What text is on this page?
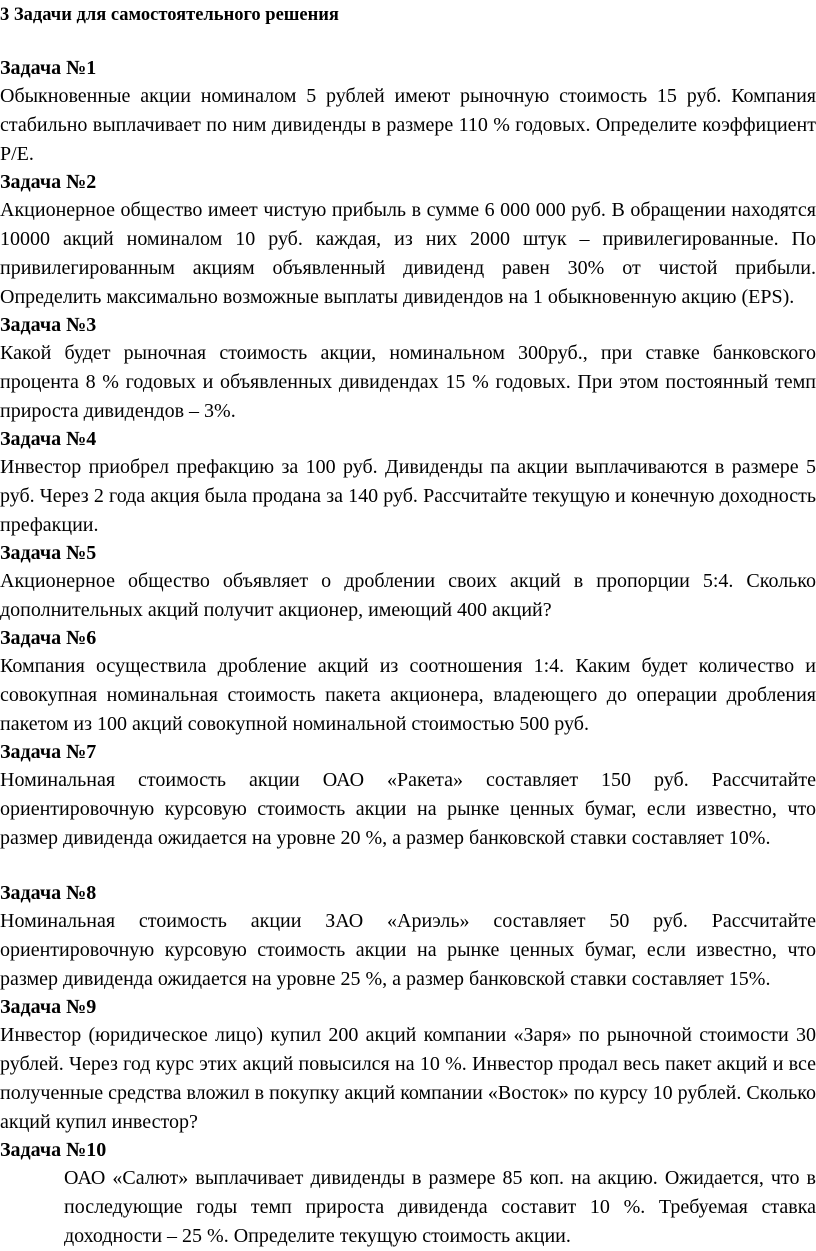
3 Задачи для самостоятельного решения

Задача №1

Обыкновенные акции номиналом 5 рублей имеют рыночную стоимость 15 руб. Компания стабильно выплачивает по ним дивиденды в размере 110 % годовых. Определите коэффициент Р/Е.

Задача №2

Акционерное общество имеет чистую прибыль в сумме 6 000 000 руб. В обращении находятся 10000 акций номиналом 10 руб. каждая, из них 2000 штук – привилегированные. По привилегированным акциям объявленный дивиденд равен 30% от чистой прибыли. Определить максимально возможные выплаты дивидендов на 1 обыкновенную акцию (EPS).

Задача №3

Какой будет рыночная стоимость акции, номинальном 300руб., при ставке банковского процента 8 % годовых и объявленных дивидендах 15 % годовых. При этом постоянный темп прироста дивидендов – 3%.

Задача №4

Инвестор приобрел префакцию за 100 руб. Дивиденды па акции выплачиваются в размере 5 руб. Через 2 года акция была продана за 140 руб. Рассчитайте текущую и конечную доходность префакции.

Задача №5

Акционерное общество объявляет о дроблении своих акций в пропорции 5:4. Сколько дополнительных акций получит акционер, имеющий 400 акций?

Задача №6

Компания осуществила дробление акций из соотношения 1:4. Каким будет количество и совокупная номинальная стоимость пакета акционера, владеющего до операции дробления пакетом из 100 акций совокупной номинальной стоимостью 500 руб.

Задача №7

Номинальная стоимость акции ОАО «Ракета» составляет 150 руб. Рассчитайте ориентировочную курсовую стоимость акции на рынке ценных бумаг, если известно, что размер дивиденда ожидается на уровне 20 %, а размер банковской ставки составляет 10%.

Задача №8

Номинальная стоимость акции ЗАО «Ариэль» составляет 50 руб. Рассчитайте ориентировочную курсовую стоимость акции на рынке ценных бумаг, если известно, что размер дивиденда ожидается на уровне 25 %, а размер банковской ставки составляет 15%.

Задача №9

Инвестор (юридическое лицо) купил 200 акций компании «Заря» по рыночной стоимости 30 рублей. Через год курс этих акций повысился на 10 %. Инвестор продал весь пакет акций и все полученные средства вложил в покупку акций компании «Восток» по курсу 10 рублей. Сколько акций купил инвестор?

Задача №10

ОАО «Салют» выплачивает дивиденды в размере 85 коп. на акцию. Ожидается, что в последующие годы темп прироста дивиденда составит 10 %. Требуемая ставка доходности – 25 %. Определите текущую стоимость акции.
